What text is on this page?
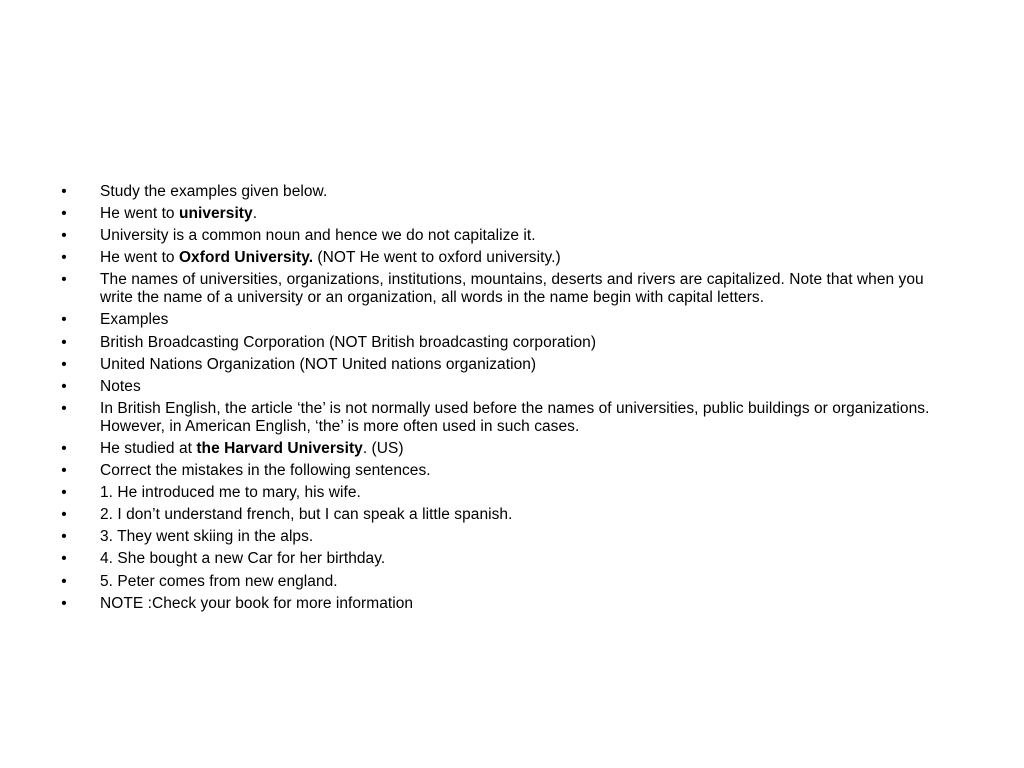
• Study the examples given below.
• He went to university.
• University is a common noun and hence we do not capitalize it.
• He went to Oxford University. (NOT He went to oxford university.)
• The names of universities, organizations, institutions, mountains, deserts and rivers are capitalized. Note that when you write the name of a university or an organization, all words in the name begin with capital letters.
• Examples
• British Broadcasting Corporation (NOT British broadcasting corporation)
• United Nations Organization (NOT United nations organization)
• Notes
• In British English, the article ‘the’ is not normally used before the names of universities, public buildings or organizations. However, in American English, ‘the’ is more often used in such cases.
• He studied at the Harvard University. (US)
• Correct the mistakes in the following sentences.
• 1. He introduced me to mary, his wife.
• 2. I don’t understand french, but I can speak a little spanish.
• 3. They went skiing in the alps.
• 4. She bought a new Car for her birthday.
• 5. Peter comes from new england.
• NOTE :Check your book for more information
